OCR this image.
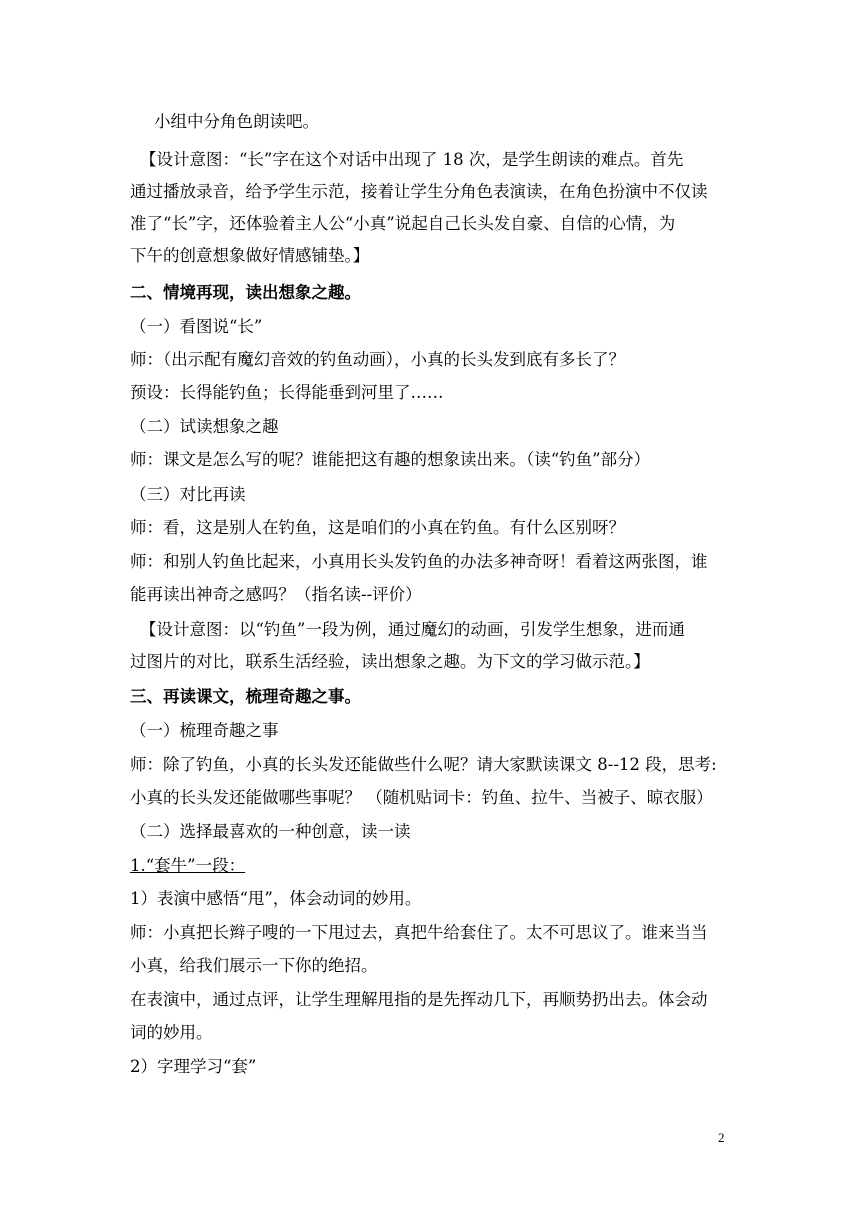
小组中分角色朗读吧。
【设计意图：“长”字在这个对话中出现了 18 次，是学生朗读的难点。首先
通过播放录音，给予学生示范，接着让学生分角色表演读，在角色扮演中不仅读
准了“长”字，还体验着主人公“小真”说起自己长头发自豪、自信的心情，为
下午的创意想象做好情感铺垫。】
二、情境再现，读出想象之趣。
（一）看图说“长”
师：（出示配有魔幻音效的钓鱼动画），小真的长头发到底有多长了？
预设：长得能钓鱼；长得能垂到河里了……
（二）试读想象之趣
师：课文是怎么写的呢？谁能把这有趣的想象读出来。（读“钓鱼”部分）
（三）对比再读
师：看，这是别人在钓鱼，这是咱们的小真在钓鱼。有什么区别呀？
师：和别人钓鱼比起来，小真用长头发钓鱼的办法多神奇呀！看着这两张图，谁
能再读出神奇之感吗？（指名读--评价）
【设计意图：以“钓鱼”一段为例，通过魔幻的动画，引发学生想象，进而通
过图片的对比，联系生活经验，读出想象之趣。为下文的学习做示范。】
三、再读课文，梳理奇趣之事。
（一）梳理奇趣之事
师：除了钓鱼，小真的长头发还能做些什么呢？请大家默读课文 8--12 段，思考:
小真的长头发还能做哪些事呢？ （随机贴词卡：钓鱼、拉牛、当被子、晾衣服）
（二）选择最喜欢的一种创意，读一读
1.“套牛”一段：
1）表演中感悟“甩”，体会动词的妙用。
师：小真把长辫子嗖的一下甩过去，真把牛给套住了。太不可思议了。谁来当当
小真，给我们展示一下你的绝招。
在表演中，通过点评，让学生理解甩指的是先挥动几下，再顺势扔出去。体会动
词的妙用。
2）字理学习“套”
2
